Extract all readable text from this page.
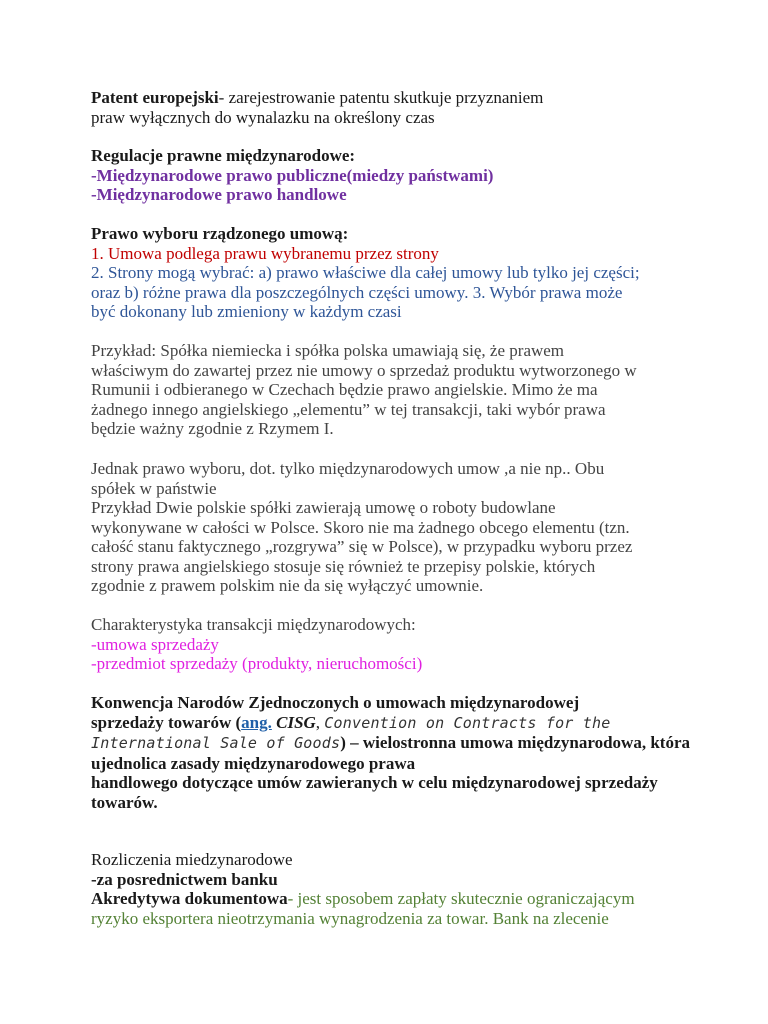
Patent europejski- zarejestrowanie patentu skutkuje przyznaniem
praw wyłącznych do wynalazku na określony czas
Regulacje prawne międzynarodowe:
-Międzynarodowe prawo publiczne(miedzy państwami)
-Międzynarodowe prawo handlowe
Prawo wyboru rządzonego umową:
1. Umowa podlega prawu wybranemu przez strony
2. Strony mogą wybrać: a) prawo właściwe dla całej umowy lub tylko jej części;
oraz b) różne prawa dla poszczególnych części umowy. 3. Wybór prawa może
być dokonany lub zmieniony w każdym czasi
Przykład: Spółka niemiecka i spółka polska umawiają się, że prawem
właściwym do zawartej przez nie umowy o sprzedaż produktu wytworzonego w
Rumunii i odbieranego w Czechach będzie prawo angielskie. Mimo że ma
żadnego innego angielskiego „elementu” w tej transakcji, taki wybór prawa
będzie ważny zgodnie z Rzymem I.
Jednak prawo wyboru, dot. tylko międzynarodowych umow ,a nie np.. Obu
spółek w państwie
Przykład Dwie polskie spółki zawierają umowę o roboty budowlane
wykonywane w całości w Polsce. Skoro nie ma żadnego obcego elementu (tzn.
całość stanu faktycznego „rozgrywa” się w Polsce), w przypadku wyboru przez
strony prawa angielskiego stosuje się również te przepisy polskie, których
zgodnie z prawem polskim nie da się wyłączyć umownie.
Charakterystyka transakcji międzynarodowych:
-umowa sprzedaży
-przedmiot sprzedaży (produkty, nieruchomości)
Konwencja Narodów Zjednoczonych o umowach międzynarodowej
sprzedaży towarów (ang. CISG, Convention on Contracts for the
International Sale of Goods) – wielostronna umowa międzynarodowa, która
ujednolica zasady międzynarodowego prawa
handlowego dotyczące umów zawieranych w celu międzynarodowej sprzedaży
towarów.
Rozliczenia miedzynarodowe
-za posrednictwem banku
Akredytywa dokumentowa- jest sposobem zapłaty skutecznie ograniczającym
ryzyko eksportera nieotrzymania wynagrodzenia za towar. Bank na zlecenie
